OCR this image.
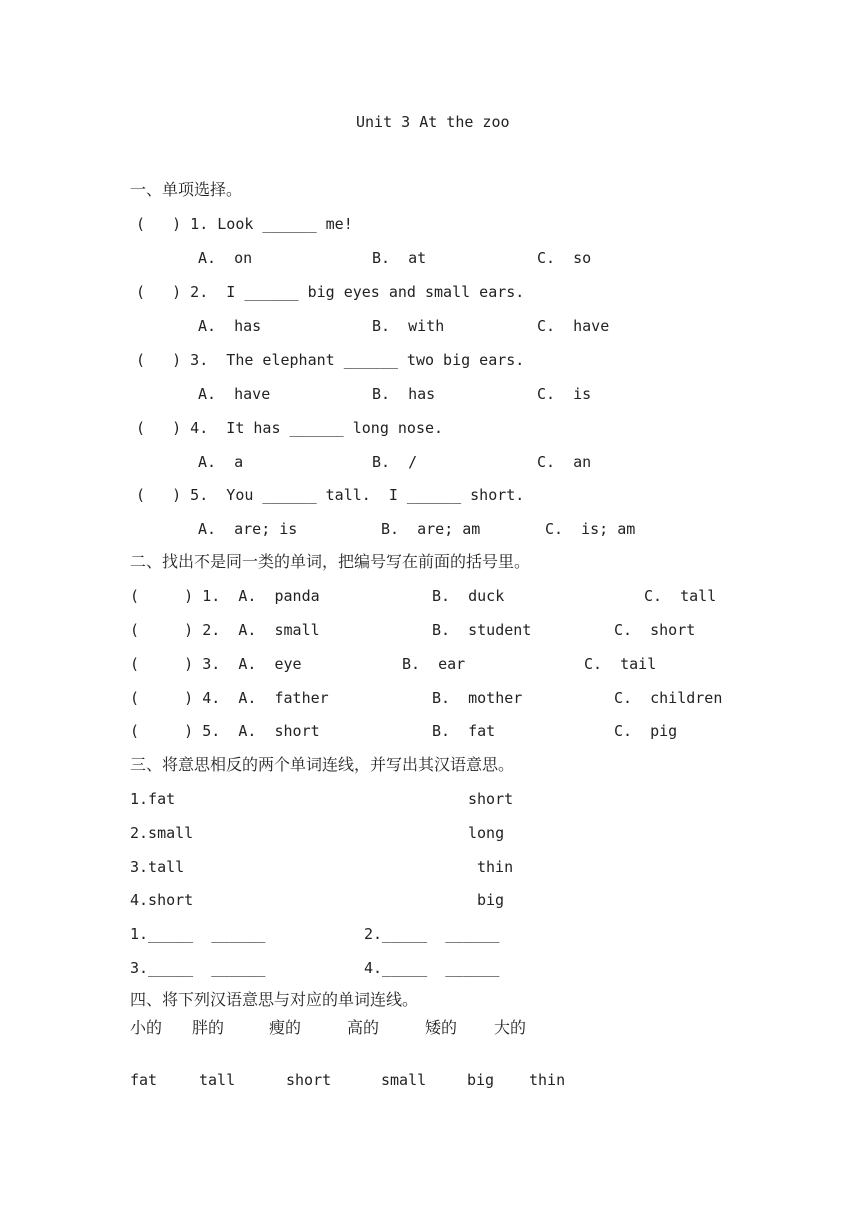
Unit 3 At the zoo
一、单项选择。
(   ) 1. Look ______ me!
A.  on	B.  at	C.  so
(   ) 2.  I ______ big eyes and small ears.
A.  has	B.  with	C.  have
(   ) 3.  The elephant ______ two big ears.
A.  have	B.  has	C.  is
(   ) 4.  It has ______ long nose.
A.  a	B.  /	C.  an
(   ) 5.  You ______ tall.  I ______ short.
A.  are; is	B.  are; am	C.  is; am
二、找出不是同一类的单词，把编号写在前面的括号里。
(     ) 1.  A.  panda	B.  duck	C.  tall
(     ) 2.  A.  small	B.  student	C.  short
(     ) 3.  A.  eye	B.  ear	C.  tail
(     ) 4.  A.  father	B.  mother	C.  children
(     ) 5.  A.  short	B.  fat	C.  pig
三、将意思相反的两个单词连线，并写出其汉语意思。
1.fat	short
2.small	long
3.tall	thin
4.short	big
1._____  ______	2._____  ______
3._____  ______	4._____  ______
四、将下列汉语意思与对应的单词连线。
小的 胖的	瘦的	高的	矮的 大的
fat	tall	short	small	big thin
